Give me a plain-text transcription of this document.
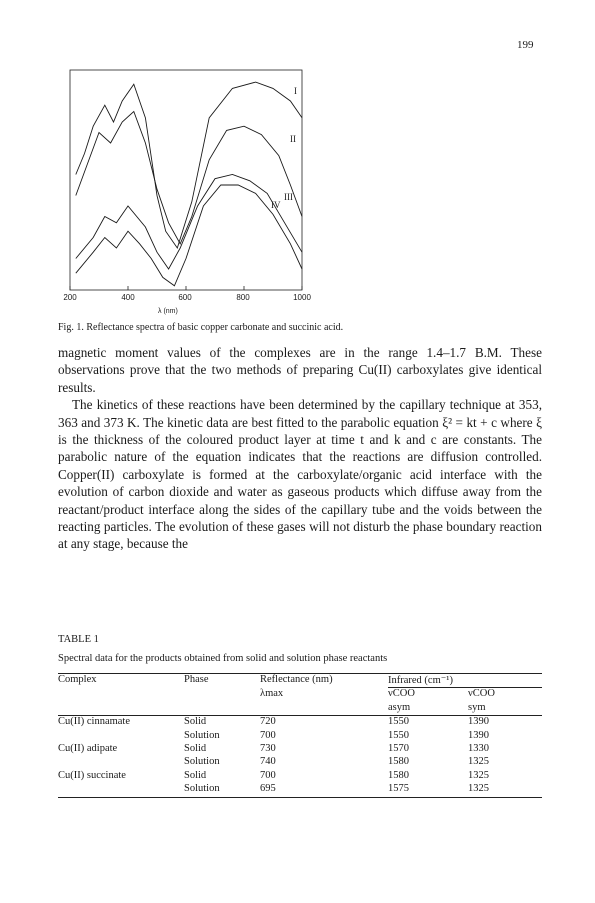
199
200	400	600	800	1000
λ (nm)
I
II
III
IV
Fig. 1. Reflectance spectra of basic copper carbonate and succinic acid.

magnetic moment values of the complexes are in the range 1.4–1.7 B.M. These observations prove that the two methods of preparing Cu(II) carboxylates give identical results.

The kinetics of these reactions have been determined by the capillary technique at 353, 363 and 373 K. The kinetic data are best fitted to the parabolic equation ξ² = kt + c where ξ is the thickness of the coloured product layer at time t and k and c are constants. The parabolic nature of the equation indicates that the reactions are diffusion controlled. Copper(II) carboxylate is formed at the carboxylate/organic acid interface with the evolution of carbon dioxide and water as gaseous products which diffuse away from the reactant/product interface along the sides of the capillary tube and the voids between the reacting particles. The evolution of these gases will not disturb the phase boundary reaction at any stage, because the

TABLE 1
Spectral data for the products obtained from solid and solution phase reactants
Complex	Phase	Reflectance (nm)	Infrared (cm⁻¹)	
		λmax	νCOO	νCOO
			asym	sym
Cu(II) cinnamate	Solid	720	1550	1390
	Solution	700	1550	1390
Cu(II) adipate	Solid	730	1570	1330
	Solution	740	1580	1325
Cu(II) succinate	Solid	700	1580	1325
	Solution	695	1575	1325
